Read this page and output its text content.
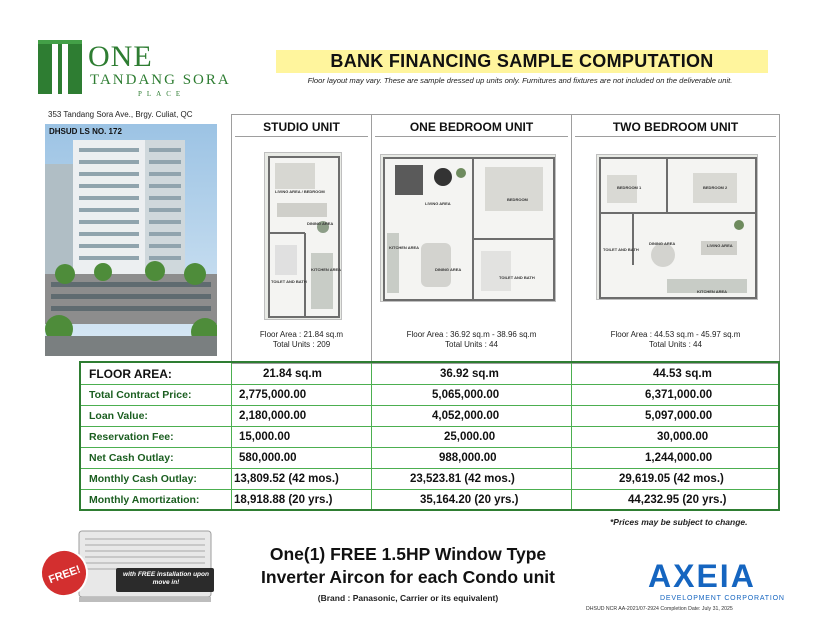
ONE
TANDANG SORA
PLACE
353 Tandang Sora Ave., Brgy. Culiat, QC
DHSUD LS NO. 172
BANK FINANCING SAMPLE COMPUTATION
Floor layout may vary. These are sample dressed up units only. Furnitures and fixtures are not included on the deliverable unit.
STUDIO UNIT	ONE BEDROOM UNIT	TWO BEDROOM UNIT
LIVING AREA / BEDROOM
DINING AREA
TOILET AND BATH
KITCHEN AREA
LIVING AREA
BEDROOM
KITCHEN AREA
DINING AREA
TOILET AND BATH
BEDROOM 1	BEDROOM 2
TOILET AND BATH
DINING AREA	LIVING AREA
KITCHEN AREA
Floor Area : 21.84 sq.m
Total Units : 209
Floor Area : 36.92 sq.m - 38.96 sq.m
Total Units : 44
Floor Area : 44.53 sq.m - 45.97 sq.m
Total Units : 44
FLOOR AREA:	21.84 sq.m	36.92 sq.m	44.53 sq.m
Total Contract Price:	2,775,000.00	5,065,000.00	6,371,000.00
Loan Value:	2,180,000.00	4,052,000.00	5,097,000.00
Reservation Fee:	15,000.00	25,000.00	30,000.00
Net Cash Outlay:	580,000.00	988,000.00	1,244,000.00
Monthly Cash Outlay:	13,809.52 (42 mos.)	23,523.81 (42 mos.)	29,619.05 (42 mos.)
Monthly Amortization:	18,918.88 (20 yrs.)	35,164.20 (20 yrs.)	44,232.95 (20 yrs.)
*Prices may be subject to change.
FREE!	with FREE installation upon move in!
One(1) FREE 1.5HP Window Type
Inverter Aircon for each Condo unit
(Brand : Panasonic, Carrier or its equivalent)
AXEIA
DEVELOPMENT CORPORATION
DHSUD NCR AA-2021/07-2924 Completion Date: July 31, 2025
